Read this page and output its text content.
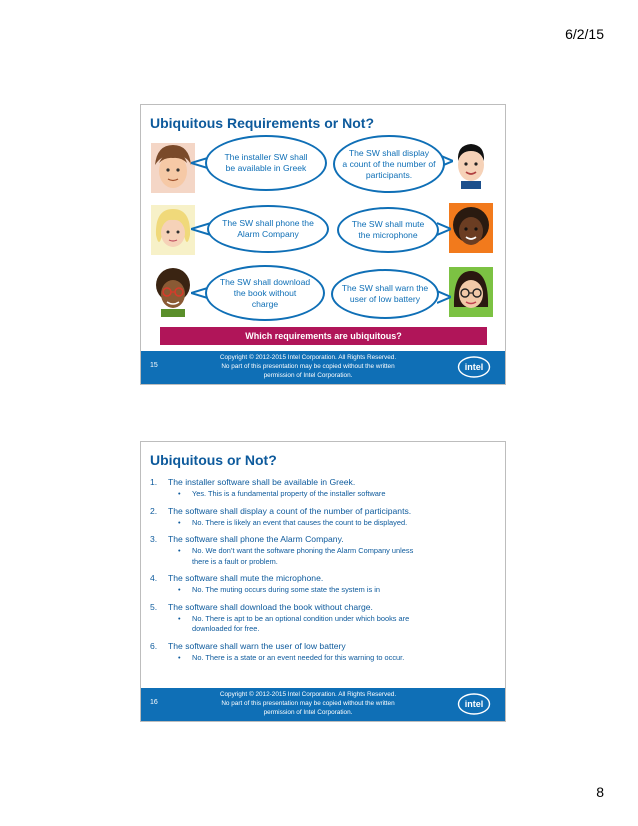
6/2/15
Ubiquitous Requirements or Not?
The installer SW shall
be available in Greek
The SW shall display
a count of the number of
participants.
The SW shall phone the
Alarm Company
The SW shall mute
the microphone
The SW shall download
the book without
charge
The SW shall warn the
user of low battery
Which requirements are ubiquitous?
15
Copyright © 2012-2015 Intel Corporation. All Rights Reserved.
No part of this presentation may be copied without the written
permission of Intel Corporation.
intel
Ubiquitous or Not?
1.	The installer software shall be available in Greek.
•	Yes. This is a fundamental property of the installer software
2.	The software shall display a count of the number of participants.
•	No. There is likely an event that causes the count to be displayed.
3.	The software shall phone the Alarm Company.
•	No. We don’t want the software phoning the Alarm Company unless
there is a fault or problem.
4.	The software shall mute the microphone.
•	No. The muting occurs during some state the system is in
5.	The software shall download the book without charge.
•	No. There is apt to be an optional condition under which books are
downloaded for free.
6.	The software shall warn the user of low battery
•	No. There is a state or an event needed for this warning to occur.
16
Copyright © 2012-2015 Intel Corporation. All Rights Reserved.
No part of this presentation may be copied without the written
permission of Intel Corporation.
intel
8
